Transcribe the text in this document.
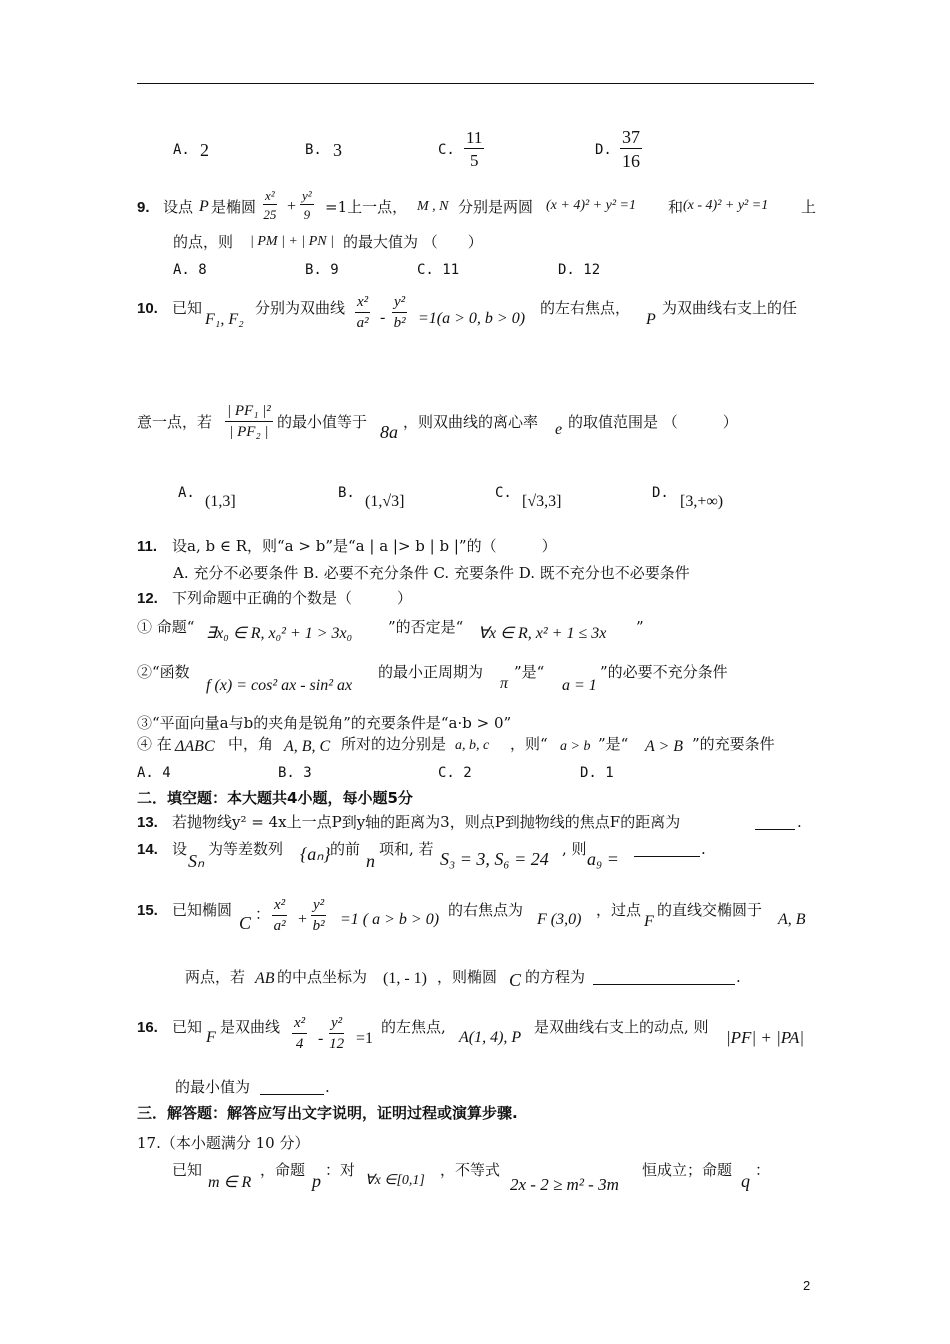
A. 2	B. 3	C. $\frac{11}{5}$	D. $\frac{37}{16}$
9. 设点 P 是椭圆 $\frac{\text{x²}}{25} + \frac{\text{y²}}{9} =1$上一点， M , N 分别是两圆 (x + 4)² + y² =1 和 (x - 4)² + y² =1 上
的点，则 | PM | + | PN | 的最大值为 （　　）
A. 8	B. 9	C. 11	D. 12
10. 已知
F₁, F₂
分别为双曲线 $\frac{\text{x²}}{\text{a²}} - \frac{\text{y²}}{\text{b²}} =1(a > 0$, b > 0)
的左右焦点，
P
为双曲线右支上的任
意一点，若 $\frac{\text{| PF₁ |²}}{\text{| PF₂ |}}$ 的最小值等于 8a ，则双曲线的离心率 e 的取值范围是 （　　　）
A. (1,3]	B. (1,√3]	C. [√3,3]	D. [3,+∞)
11. 设a, b ∈ R，则“a > b”是“a | a |> b | b |”的（　　　）
A. 充分不必要条件 B. 必要不充分条件 C. 充要条件 D. 既不充分也不必要条件
12. 下列命题中正确的个数是（　　　）
① 命题“ ∃x₀ ∈ R, x₀² + 1 > 3x₀ ”的否定是“ ∀x ∈ R, x² + 1 ≤ 3x ”
②“函数
f (x) = cos² ax - sin² ax
的最小正周期为
π
”是“
a = 1
”的必要不充分条件
③“平面向量a与b的夹角是锐角”的充要条件是“a·b > 0”
④ 在 ΔABC 中，角 A, B, C 所对的边分别是 a, b, c ，则“ a > b ”是“ A > B ”的充要条件
A. 4	B. 3	C. 2	D. 1
二．填空题：本大题共4小题，每小题5分
13. 若抛物线y² = 4x上一点P到y轴的距离为3，则点P到抛物线的焦点F的距离为	.
14. 设
Sₙ
为等差数列 {aₙ} 的前
n
项和, 若 S₃ = 3, S₆ = 24 , 则 a₉ =	.
15. 已知椭圆
C ： $\frac{\text{x²}}{\text{a²}} + \frac{\text{y²}}{\text{b²}} =1$ ( a > b > 0)
的右焦点为
F (3,0)
，过点
F
的直线交椭圆于
A, B
两点，若 AB 的中点坐标为 (1, - 1) ，则椭圆 C 的方程为	.
16. 已知
F
是双曲线 $\frac{\text{x²}}{4} - \frac{\text{y²}}{12} =1$
的左焦点,
A(1, 4), P
是双曲线右支上的动点, 则
|PF| + |PA|
的最小值为	.
三．解答题：解答应写出文字说明，证明过程或演算步骤.
17.（本小题满分 10 分）
已知
m ∈ R
，命题
p
：对
∀x ∈[0,1]
，不等式
2x - 2 ≥ m² - 3m
恒成立；命题
q
：
2
